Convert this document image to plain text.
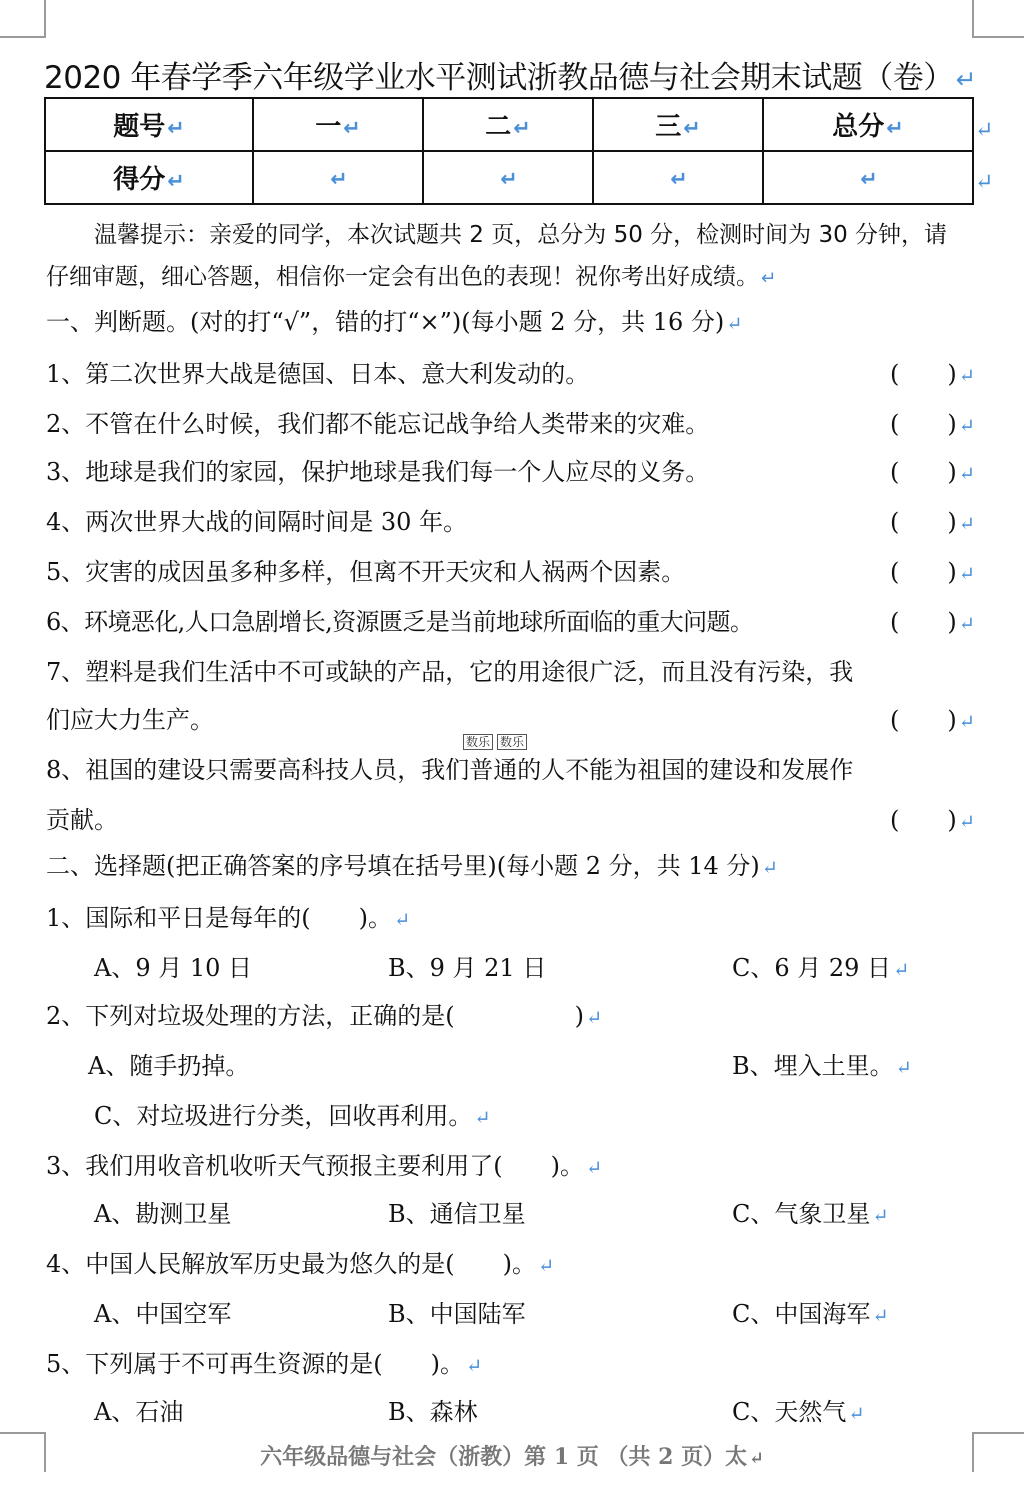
2020 年春学季六年级学业水平测试浙教品德与社会期末试题（卷）↵
题号↵	一↵	二↵	三↵	总分↵
得分↵	↵	↵	↵	↵
↵
↵
温馨提示：亲爱的同学，本次试题共 2 页，总分为 50 分，检测时间为 30 分钟，请
仔细审题，细心答题，相信你一定会有出色的表现！祝你考出好成绩。 ↵
一、判断题。(对的打“√”，错的打“×”)(每小题 2 分，共 16 分) ↵
1、第二次世界大战是德国、日本、意大利发动的。	(　　) ↵
2、不管在什么时候，我们都不能忘记战争给人类带来的灾难。	(　　) ↵
3、地球是我们的家园，保护地球是我们每一个人应尽的义务。	(　　) ↵
4、两次世界大战的间隔时间是 30 年。	(　　) ↵
5、灾害的成因虽多种多样，但离不开天灾和人祸两个因素。	(　　) ↵
6、环境恶化,人口急剧增长,资源匮乏是当前地球所面临的重大问题。	(　　) ↵
7、塑料是我们生活中不可或缺的产品，它的用途很广泛，而且没有污染，我
们应大力生产。	(　　) ↵
数乐 数乐
8、祖国的建设只需要高科技人员，我们普通的人不能为祖国的建设和发展作
贡献。	(　　) ↵
二、选择题(把正确答案的序号填在括号里)(每小题 2 分，共 14 分) ↵
1、国际和平日是每年的(　　)。 ↵
A、9 月 10 日	B、9 月 21 日	C、6 月 29 日 ↵
2、下列对垃圾处理的方法，正确的是(　　　　　) ↵
A、随手扔掉。	B、埋入土里。 ↵
C、对垃圾进行分类，回收再利用。 ↵
3、我们用收音机收听天气预报主要利用了(　　)。 ↵
A、勘测卫星	B、通信卫星	C、气象卫星 ↵
4、中国人民解放军历史最为悠久的是(　　)。 ↵
A、中国空军	B、中国陆军	C、中国海军 ↵
5、下列属于不可再生资源的是(　　)。 ↵
A、石油	B、森林	C、天然气 ↵
六年级品德与社会（浙教）第 1 页 （共 2 页）太 ↵
